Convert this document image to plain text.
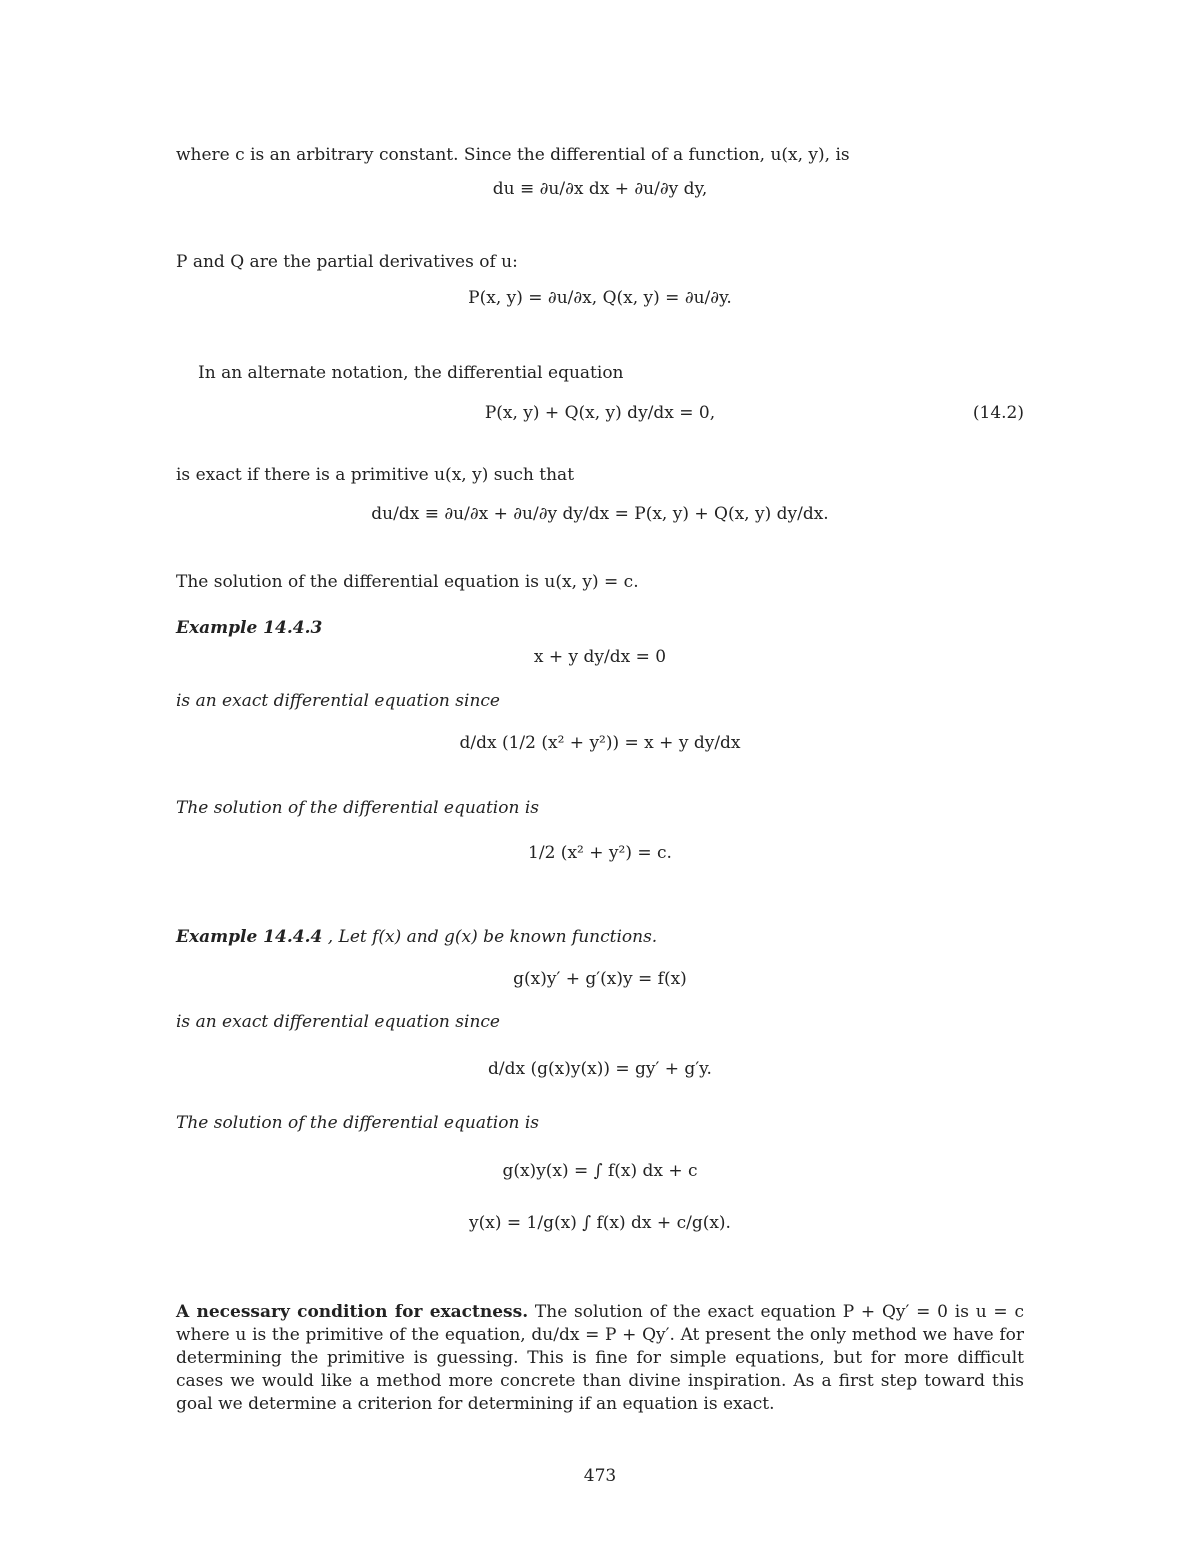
where c is an arbitrary constant. Since the differential of a function, u(x, y), is

du ≡ ∂u/∂x dx + ∂u/∂y dy,

P and Q are the partial derivatives of u:

P(x, y) = ∂u/∂x, Q(x, y) = ∂u/∂y.

In an alternate notation, the differential equation

P(x, y) + Q(x, y) dy/dx = 0,	(14.2)

is exact if there is a primitive u(x, y) such that

du/dx ≡ ∂u/∂x + ∂u/∂y dy/dx = P(x, y) + Q(x, y) dy/dx.

The solution of the differential equation is u(x, y) = c.

Example 14.4.3

x + y dy/dx = 0

is an exact differential equation since

d/dx (1/2 (x² + y²)) = x + y dy/dx

The solution of the differential equation is

1/2 (x² + y²) = c.

Example 14.4.4 , Let f(x) and g(x) be known functions.

g(x)y′ + g′(x)y = f(x)

is an exact differential equation since

d/dx (g(x)y(x)) = gy′ + g′y.

The solution of the differential equation is

g(x)y(x) = ∫ f(x) dx + c
y(x) = 1/g(x) ∫ f(x) dx + c/g(x).

A necessary condition for exactness. The solution of the exact equation P + Qy′ = 0 is u = c where u is the primitive of the equation, du/dx = P + Qy′. At present the only method we have for determining the primitive is guessing. This is fine for simple equations, but for more difficult cases we would like a method more concrete than divine inspiration. As a first step toward this goal we determine a criterion for determining if an equation is exact.

473
